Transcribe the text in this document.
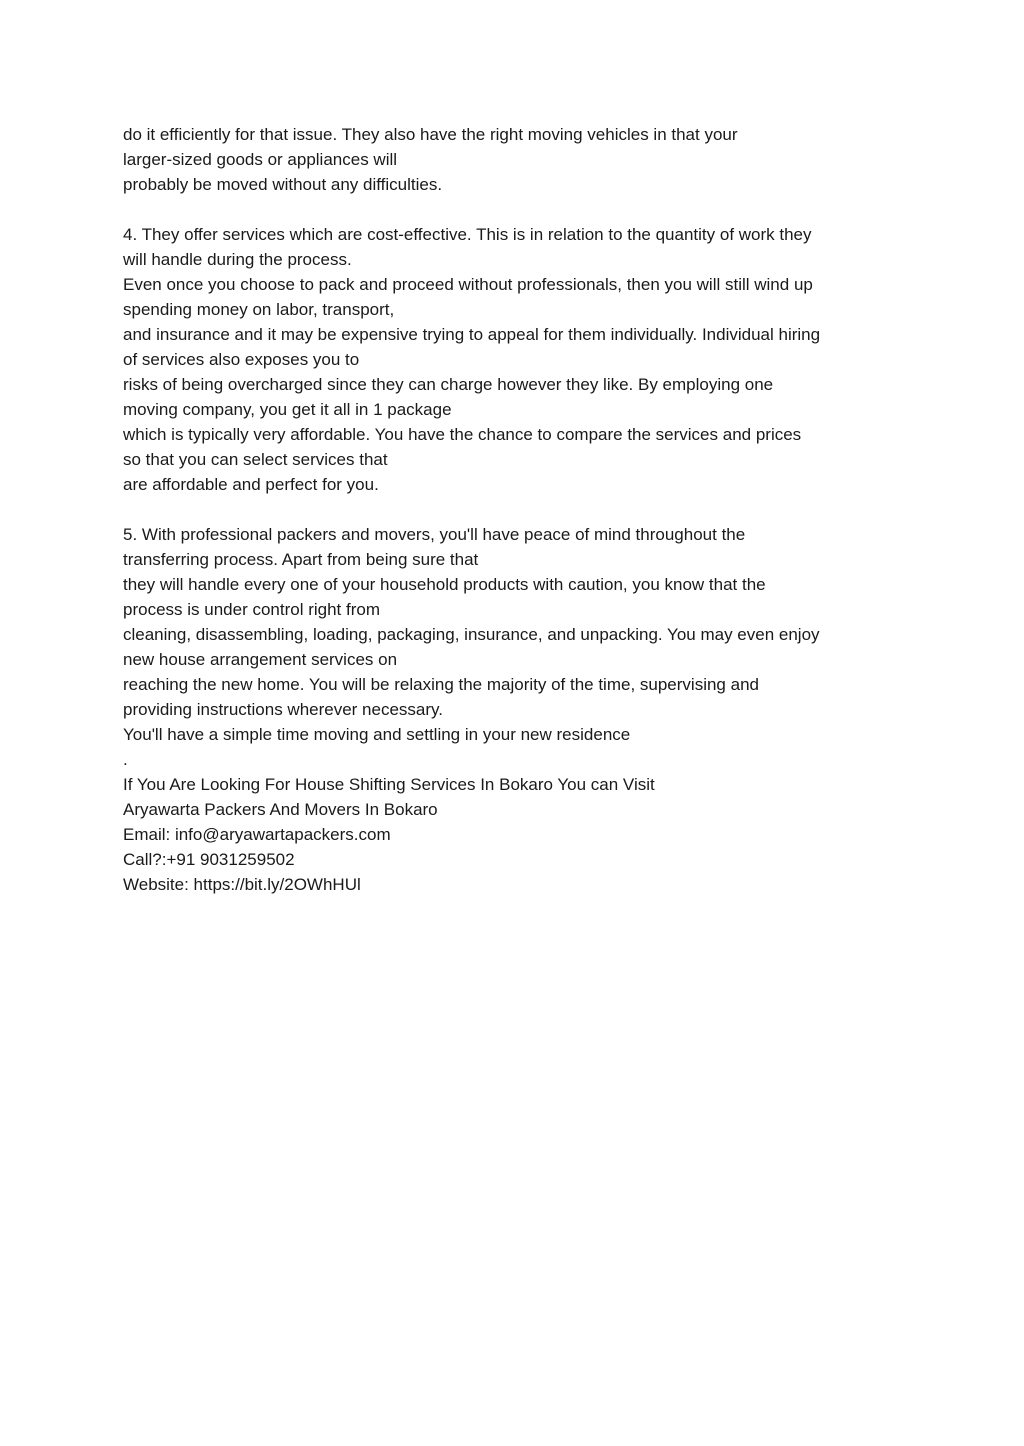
do it efficiently for that issue. They also have the right moving vehicles in that your
larger-sized goods or appliances will
probably be moved without any difficulties.
4. They offer services which are cost-effective. This is in relation to the quantity of work they
will handle during the process.
Even once you choose to pack and proceed without professionals, then you will still wind up
spending money on labor, transport,
and insurance and it may be expensive trying to appeal for them individually. Individual hiring
of services also exposes you to
risks of being overcharged since they can charge however they like. By employing one
moving company, you get it all in 1 package
which is typically very affordable. You have the chance to compare the services and prices
so that you can select services that
are affordable and perfect for you.
5. With professional packers and movers, you'll have peace of mind throughout the
transferring process. Apart from being sure that
they will handle every one of your household products with caution, you know that the
process is under control right from
cleaning, disassembling, loading, packaging, insurance, and unpacking. You may even enjoy
new house arrangement services on
reaching the new home. You will be relaxing the majority of the time, supervising and
providing instructions wherever necessary.
You'll have a simple time moving and settling in your new residence
.
If You Are Looking For House Shifting Services In Bokaro You can Visit
Aryawarta Packers And Movers In Bokaro
Email: info@aryawartapackers.com
Call?:+91 9031259502
Website: https://bit.ly/2OWhHUl
